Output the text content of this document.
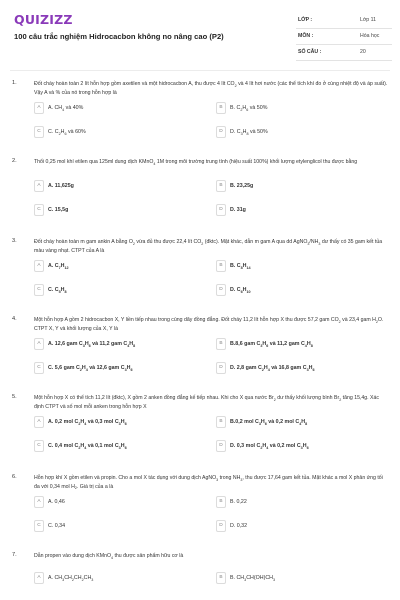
QUIZIZZ
100 câu trắc nghiệm Hidrocacbon không no nâng cao (P2)
LỚP :	Lớp 11
MÔN :	Hóa học
SỐ CÂU :	20
1.	Đốt cháy hoàn toàn 2 lít hỗn hợp gồm axetilen và một hidrocacbon A, thu được 4 lít $CO_2$ và 4 lít hơi nước (các thể tích khí đo ở cùng nhiệt độ và áp suất). Vậy A và % của nó trong hỗn hợp là
A	A. $CH_4$ và 40%	B	B. $C_2H_6$ và 50%
C	C. $C_2H_6$ và 60%	D	D. $C_3H_8$ và 50%
2.	Thổi 0,25 mol khí etilen qua 125ml dung dịch KMnO$_4$ 1M trong môi trường trung tính (hiệu suất 100%) khối lượng etylenglicol thu được bằng
A	A. 11,625g	B	B. 23,25g
C	C. 15,5g	D	D. 31g
3.	Đốt cháy hoàn toàn m gam ankin A bằng $O_2$ vừa đủ thu được 22,4 lít $CO_2$ (đktc). Mặt khác, dẫn m gam A qua dd $AgNO_3/NH_3$ dư thấy có 35 gam kết tủa màu vàng nhạt. CTPT của A là
A	A. $C_7H_{12}$	B	B. $C_8H_{14}$
C	C. $C_5H_8$	D	D. $C_6H_{10}$
4.	Một hỗn hợp A gồm 2 hidrocacbon X, Y liền tiếp nhau trong cùng dãy đồng đẳng. Đốt cháy 11,2 lít hỗn hợp X thu được 57,2 gam $CO_2$ và 23,4 gam $H_2O$. CTPT X, Y và khối lượng của X, Y là
A	A. 12,6 gam $C_3H_6$ và 11,2 gam $C_4H_8$	B	B.8,6 gam $C_3H_6$ và 11,2 gam $C_4H_8$
C	C. 5,6 gam $C_2H_4$ và 12,6 gam $C_3H_6$	D	D. 2,8 gam $C_2H_4$ và 16,8 gam $C_3H_6$
5.	Một hỗn hợp X có thể tích 11,2 lít (đktc), X gồm 2 anken đồng đẳng kế tiếp nhau. Khi cho X qua nước $Br_2$ dư thấy khối lượng bình $Br_2$ tăng 15,4g. Xác định CTPT và số mol mỗi anken trong hỗn hợp X
A	A. 0,2 mol $C_2H_4$ và 0,3 mol $C_3H_6$	B	B.0,2 mol $C_3H_6$ và 0,2 mol $C_4H_8$
C	C. 0,4 mol $C_2H_4$ và 0,1 mol $C_3H_6$	D	D. 0,3 mol $C_2H_4$ và 0,2 mol $C_3H_6$
6.	Hỗn hợp khí X gồm etilen và propin. Cho a mol X tác dụng với dung dịch AgNO$_3$ trong $NH_3$, thu được 17,64 gam kết tủa. Mặt khác a mol X phản ứng tối đa với 0,34 mol $H_2$. Giá trị của a là
A	A. 0,46	B	B. 0,22
C	C. 0,34	D	D. 0,32
7.	Dẫn propen vào dung dịch KMnO$_4$ thu được sản phẩm hữu cơ là
A	A. $CH_3CH_2CH_2CH_3$	B	B. $CH_3CH(OH)CH_3$
